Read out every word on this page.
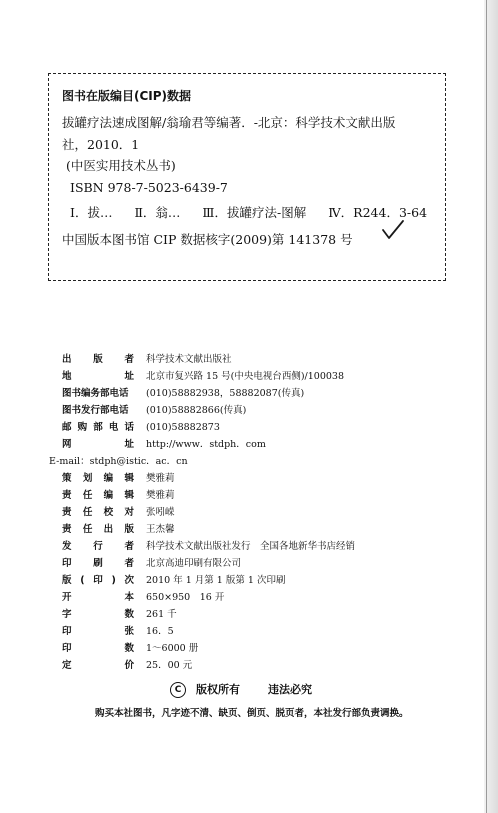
图书在版编目(CIP)数据
拔罐疗法速成图解/翁瑜君等编著．-北京：科学技术文献出版
社，2010．1
(中医实用技术丛书)
ISBN 978-7-5023-6439-7
Ⅰ．拔… Ⅱ．翁… Ⅲ．拔罐疗法-图解 Ⅳ．R244．3-64
中国版本图书馆 CIP 数据核字(2009)第 141378 号
出 版 者 科学技术文献出版社
地	址 北京市复兴路 15 号(中央电视台西侧)/100038
图书编务部电话 (010)58882938，58882087(传真)
图书发行部电话 (010)58882866(传真)
邮 购 部 电 话 (010)58882873
网	址 http://www．stdph．com
E-mail：stdph@istic．ac．cn
策 划 编 辑 樊雅莉
责 任 编 辑 樊雅莉
责 任 校 对 张吲嵘
责 任 出 版 王杰馨
发 行 者 科学技术文献出版社发行　全国各地新华书店经销
印 刷 者 北京高迪印刷有限公司
版 ( 印 ) 次 2010 年 1 月第 1 版第 1 次印刷
开	本 650×950　16 开
字	数 261 千
印	张 16．5
印	数 1～6000 册
定	价 25．00 元
C 版权所有	违法必究
购买本社图书，凡字迹不清、缺页、倒页、脱页者，本社发行部负责调换。
